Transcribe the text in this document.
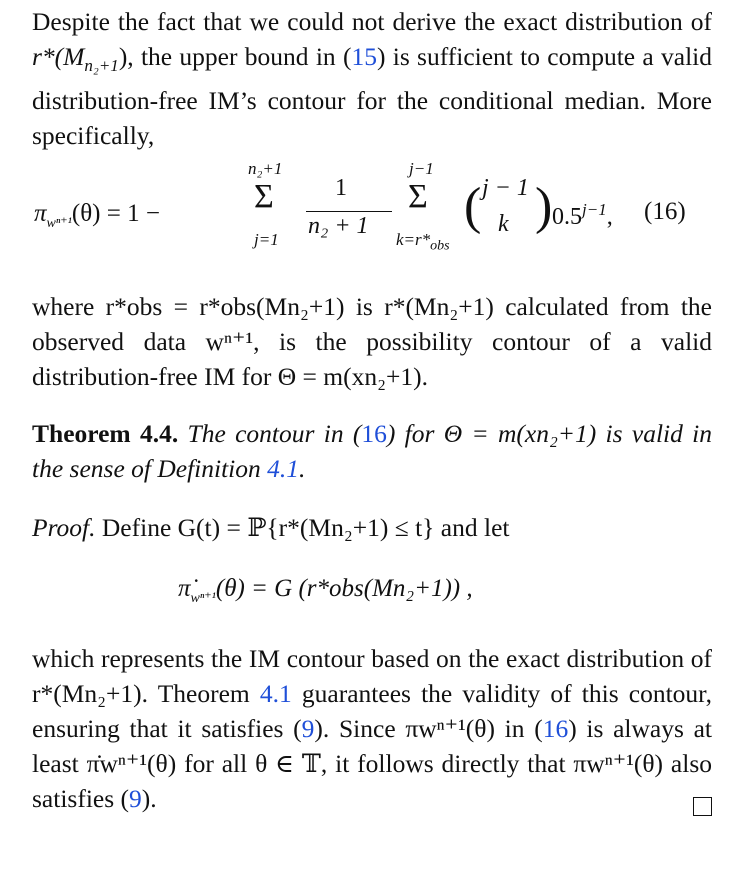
Despite the fact that we could not derive the exact distribution of $r*(M_{n_2+1})$, the upper bound in (15) is sufficient to compute a valid distribution-free IM’s contour for the conditional median. More specifically,

$\pi_{w^{n+1}}(\theta) = 1$ −
n₂+1
Σ
j=1
1
n₂ + 1
j−1
Σ
$k=r*_{obs}$
( j − 1
k ) $0.5^{j-1}$, (16)

where r*obs = r*obs(Mn₂+1) is r*(Mn₂+1) calculated from the observed data wⁿ⁺¹, is the possibility contour of a valid distribution-free IM for Θ = m(xn₂+1).

Theorem 4.4. The contour in (16) for Θ = m(xn₂+1) is valid in the sense of Definition 4.1.

Proof. Define G(t) = ℙ{r*(Mn₂+1) ≤ t} and let

$\pi̇_{w^{n+1}}(\theta) = G$ (r*obs(Mn₂+1)) ,

which represents the IM contour based on the exact distribution of r*(Mn₂+1). Theorem 4.1 guarantees the validity of this contour, ensuring that it satisfies (9). Since πwⁿ⁺¹(θ) in (16) is always at least π̇wⁿ⁺¹(θ) for all θ ∈ 𝕋, it follows directly that πwⁿ⁺¹(θ) also satisfies (9).
